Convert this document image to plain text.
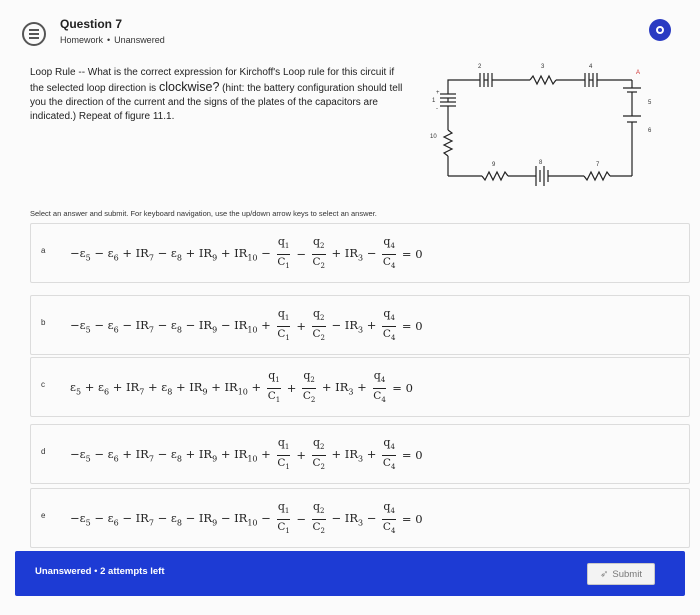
Question 7
Homework • Unanswered
Loop Rule -- What is the correct expression for Kirchoff's Loop rule for this circuit if the selected loop direction is clockwise? (hint: the battery configuration should tell you the direction of the current and the signs of the plates of the capacitors are indicated.) Repeat of figure 11.1.
1
2	3	4
5
6
7
8
9
10
A
+
-
Select an answer and submit. For keyboard navigation, use the up/down arrow keys to select an answer.
$a -\varepsilon_5 - \varepsilon_6 + IR_7 - \varepsilon_8 + IR_9 + IR_{10} - \frac{q_1}{C_1} - \frac{q_2}{C_2} + IR_3 - \frac{q_4}{C_4} = 0$
$b -\varepsilon_5 - \varepsilon_6 - IR_7 - \varepsilon_8 - IR_9 - IR_{10} + \frac{q_1}{C_1} + \frac{q_2}{C_2} - IR_3 + \frac{q_4}{C_4} = 0$
c $\varepsilon_5 + \varepsilon_6 + IR_7 + \varepsilon_8 + IR_9 + IR_{10} + \frac{q_1}{C_1} + \frac{q_2}{C_2} + IR_3 + \frac{q_4}{C_4} = 0$
$d -\varepsilon_5 - \varepsilon_6 + IR_7 - \varepsilon_8 + IR_9 + IR_{10} + \frac{q_1}{C_1} + \frac{q_2}{C_2} + IR_3 + \frac{q_4}{C_4} = 0$
$e -\varepsilon_5 - \varepsilon_6 - IR_7 - \varepsilon_8 - IR_9 - IR_{10} - \frac{q_1}{C_1} - \frac{q_2}{C_2} - IR_3 - \frac{q_4}{C_4} = 0$
Unanswered • 2 attempts left	➶ Submit
